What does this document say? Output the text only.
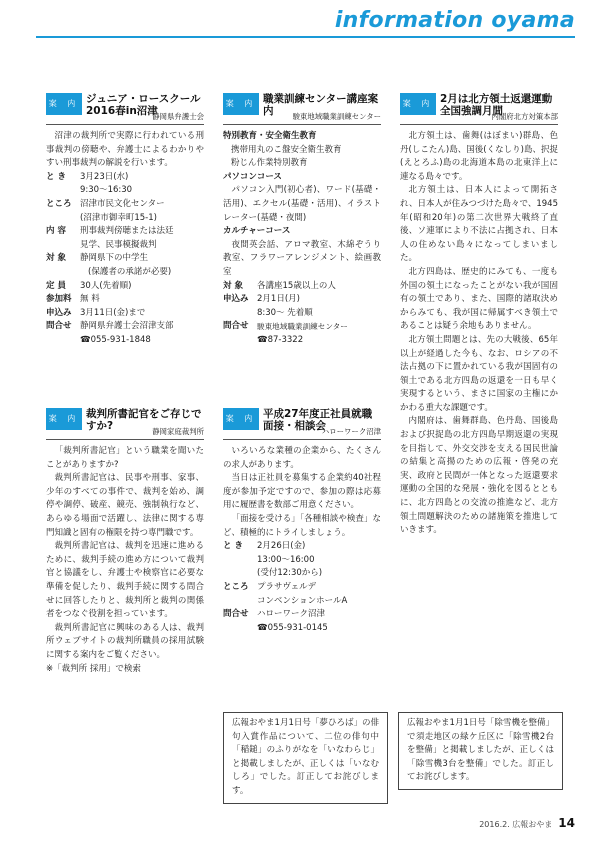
information oyama
案 内 ジュニア・ロースクール2016春in沼津
静岡県弁護士会
沼津の裁判所で実際に行われている刑事裁判の傍聴や、弁護士によるわかりやすい刑事裁判の解説を行います。
と き	3月23日(水)
9:30〜16:30
ところ 沼津市民文化センター
(沼津市御幸町15-1)
内 容	刑事裁判傍聴または法廷
見学、民事模擬裁判
対 象	静岡県下の中学生
(保護者の承諾が必要)
定 員	30人(先着順)
参加料 無 料
申込み 3月11日(金)まで
問合せ 静岡県弁護士会沼津支部
☎055-931-1848
案 内 裁判所書記官をご存じですか?	静岡家庭裁判所
「裁判所書記官」という職業を聞いたことがありますか?
裁判所書記官は、民事や刑事、家事、少年のすべての事件で、裁判を始め、調停や調停、破産、競売、強制執行など、あらゆる場面で活躍し、法律に関する専門知識と固有の権限を持つ専門職です。
裁判所書記官は、裁判を迅速に進めるために、裁判手続の進め方について裁判官と協議をし、弁護士や検察官に必要な準備を促したり、裁判手続に関する問合せに回答したりと、裁判所と裁判の関係者をつなぐ役割を担っています。
裁判所書記官に興味のある人は、裁判所ウェブサイトの裁判所職員の採用試験に関する案内をご覧ください。
※「裁判所 採用」で検索
案 内 職業訓練センター講座案内	駿東地域職業訓練センター
特別教育・安全衛生教育
携帯用丸のこ盤安全衛生教育
粉じん作業特別教育
パソコンコース
パソコン入門(初心者)、ワード(基礎・活用)、エクセル(基礎・活用)、イラストレーター(基礎・夜間)
カルチャーコース
夜間英会話、アロマ教室、木綿ぞうり教室、フラワーアレンジメント、絵画教室
対 象	各講座15歳以上の人
申込み 2月1日(月)
8:30〜 先着順
問合せ	駿東地域職業訓練センター
☎87-3322
案 内 平成27年度正社員就職面接・相談会
ハローワーク沼津
いろいろな業種の企業から、たくさんの求人があります。
当日は正社員を募集する企業約40社程度が参加予定ですので、参加の際は応募用に履歴書を数部ご用意ください。
「面接を受ける」「各種相談や検査」など、積極的にトライしましょう。
と き	2月26日(金)
13:00〜16:00
(受付12:30から)
ところ プラサヴェルデ
コンベンションホールA
問合せ ハローワーク沼津
☎055-931-0145
案 内 2月は北方領土返還運動全国強調月間
内閣府北方対策本部
北方領土は、歯舞(はぼまい)群島、色丹(しこたん)島、国後(くなしり)島、択捉(えとろふ)島の北海道本島の北東洋上に連なる島々です。
北方領土は、日本人によって開拓され、日本人が住みつづけた島々で、1945年(昭和20年)の第二次世界大戦終了直後、ソ連軍により不法に占拠され、日本人の住めない島々になってしまいました。
北方四島は、歴史的にみても、一度も外国の領土になったことがない我が国固有の領土であり、また、国際的諸取決めからみても、我が国に帰属すべき領土であることは疑う余地もありません。
北方領土問題とは、先の大戦後、65年以上が経過した今も、なお、ロシアの不法占拠の下に置かれている我が国固有の領土である北方四島の返還を一日も早く実現するという、まさに国家の主権にかかわる重大な課題です。
内閣府は、歯舞群島、色丹島、国後島および択捉島の北方四島早期返還の実現を目指して、外交交渉を支える国民世論の結集と高揚のための広報・啓発の充実、政府と民間が一体となった返還要求運動の全国的な発展・強化を図るとともに、北方四島との交流の推進など、北方領土問題解決のための諸施策を推進していきます。
広報おやま1月1日号「夢ひろば」の俳句入賞作品について、二位の俳句中「稲鎚」のふりがなを「いなわらじ」と掲載しましたが、正しくは「いなむしろ」でした。訂正してお詫びします。
広報おやま1月1日号「除雪機を整備」で須走地区の緑ケ丘区に「除雪機2台を整備」と掲載しましたが、正しくは「除雪機3台を整備」でした。訂正してお詫びします。
2016.2. 広報おやま 14
